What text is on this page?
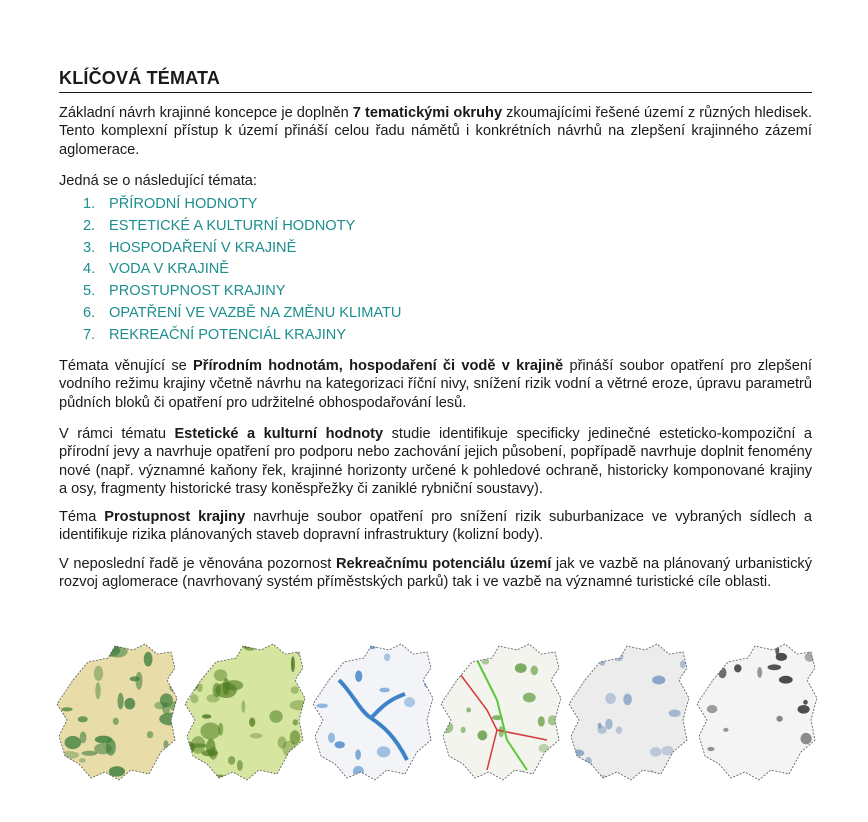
KLÍČOVÁ TÉMATA

Základní návrh krajinné koncepce je doplněn 7 tematickými okruhy zkoumajícími řešené území z různých hledisek. Tento komplexní přístup k území přináší celou řadu námětů i konkrétních návrhů na zlepšení krajinného zázemí aglomerace.

Jedná se o následující témata:

1. PŘÍRODNÍ HODNOTY
2. ESTETICKÉ A KULTURNÍ HODNOTY
3. HOSPODAŘENÍ V KRAJINĚ
4. VODA V KRAJINĚ
5. PROSTUPNOST KRAJINY
6. OPATŘENÍ VE VAZBĚ NA ZMĚNU KLIMATU
7. REKREAČNÍ POTENCIÁL KRAJINY

Témata věnující se Přírodním hodnotám, hospodaření či vodě v krajině přináší soubor opatření pro zlepšení vodního režimu krajiny včetně návrhu na kategorizaci říční nivy, snížení rizik vodní a větrné eroze, úpravu parametrů půdních bloků či opatření pro udržitelné obhospodařování lesů.

V rámci tématu Estetické a kulturní hodnoty studie identifikuje specificky jedinečné esteticko-kompoziční a přírodní jevy a navrhuje opatření pro podporu nebo zachování jejich působení, popřípadě navrhuje doplnit fenomény nové (např. významné kaňony řek, krajinné horizonty určené k pohledové ochraně, historicky komponované krajiny a osy, fragmenty historické trasy koněspřežky či zaniklé rybniční soustavy).

Téma Prostupnost krajiny navrhuje soubor opatření pro snížení rizik suburbanizace ve vybraných sídlech a identifikuje rizika plánovaných staveb dopravní infrastruktury (kolizní body).

V neposlední řadě je věnována pozornost Rekreačnímu potenciálu území jak ve vazbě na plánovaný urbanistický rozvoj aglomerace (navrhovaný systém příměstských parků) tak i ve vazbě na významné turistické cíle oblasti.
